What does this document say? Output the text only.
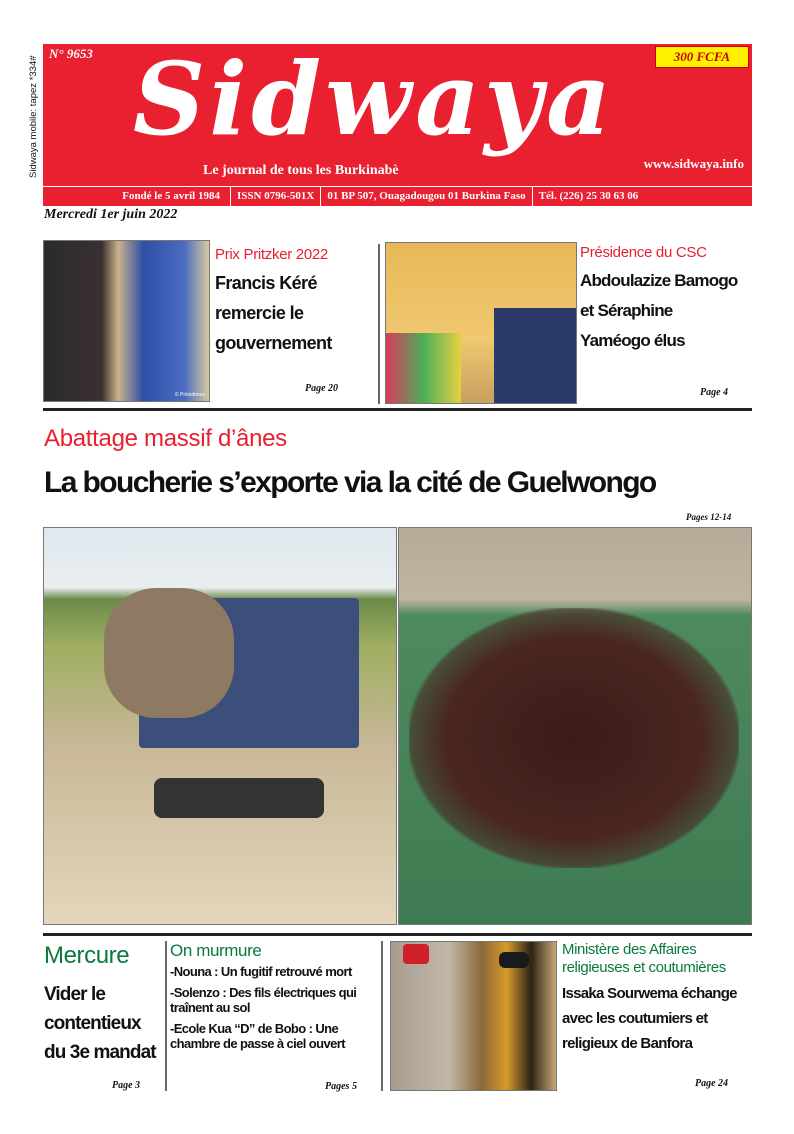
Sidwaya mobile: tapez *334#
N° 9653 Sidwaya	300 FCFA
Le journal de tous les Burkinabè	www.sidwaya.info
Fondé le 5 avril 1984	ISSN 0796-501X	01 BP 507, Ouagadougou 01 Burkina Faso	Tél. (226) 25 30 63 06
Mercredi 1er juin 2022
© Présidence
Prix Pritzker 2022
Francis Kéré
remercie le
gouvernement
Page 20
Présidence du CSC
Abdoulazize Bamogo
et Séraphine
Yaméogo élus
Page 4
Abattage massif d’ânes
La boucherie s’exporte via la cité de Guelwongo
Pages 12-14
Mercure
Vider le
contentieux
du 3e mandat
Page 3
On murmure
-Nouna : Un fugitif retrouvé mort
-Solenzo : Des fils électriques qui traînent au sol
-Ecole Kua “D” de Bobo : Une chambre de passe à ciel ouvert
Pages 5
Ministère des Affaires
religieuses et coutumières
Issaka Sourwema échange
avec les coutumiers et
religieux de Banfora
Page 24
